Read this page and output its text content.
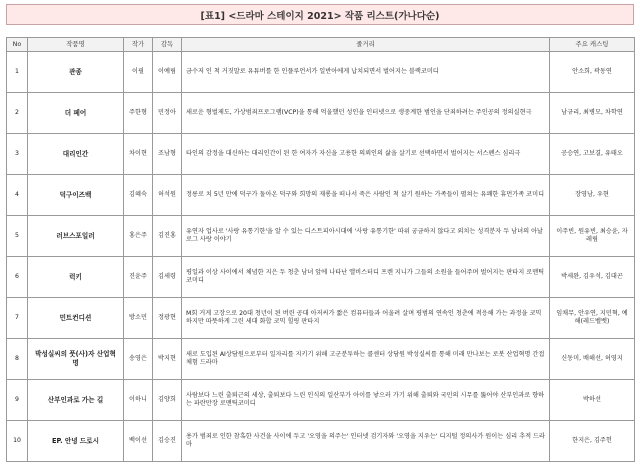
[표1] <드라마 스테이지 2021> 작품 리스트(가나다순)
No	작품명	작가	감독	줄거리	주요 캐스팅
1	관종	이필	이예림	금수저 인 척 거짓말로 유튜버를 한 인플루언서가 일반아에게 납치되면서 벌어지는 블랙코미디	안소희, 곽동연
2	더 페어	주한형	민정아	새로운 형벌제도, 가상범죄프로그램(VCP)을 통해 억울했던 성인을 인터넷으로 생중계한 범인을 단죄하려는 주인공의 정의실현극	남규리, 최병모, 차학연
3	대리인간	차이현	조남형	타인의 감정을 대신하는 대리인간이 된 한 여자가 자신을 고용한 의뢰인의 삶을 살기로 선택하면서 벌어지는 서스펜스 심리극	공승연, 고보결, 유태오
4	덕구이즈백	김혜숙	허석원	정릉로 치 5년 만에 덕구가 돌아온 덕구와 희망의 재롱을 떠나서 죽은 사람인 척 살기 원하는 가족들이 펼쳐는 유쾌한 휴먼가족 코미디	장영남, 우현
5	러브스포일러	홍은주	김진홍	유연자 업사로 '사랑 유통기한'을 알 수 있는 디스트피아시대에 '사랑 유통기한' 따위 궁금하지 않다고 외치는 성격분자 두 남녀의 아날로그 사랑 이야기	이주빈, 원유빈, 최승윤, 자레림
6	럭키	진윤주	김세령	평일과 이상 사이에서 체념한 지은 두 청춘 남녀 앞에 나타난 앨비스터디 프렌 지니가 그들의 소원을 들어주며 벌어지는 판타지 로맨틱 코미디	박세완, 김우석, 김대곤
7	민트컨디션	방소민	정광현	M회 거게 고장으로 20대 청년이 된 버린 공대 아저씨가 짧은 컴퓨터들과 어울려 살며 평범의 연속인 청춘에 적응해 가는 과정을 코믹하지만 따뜻하게 그린 세대 화합 코믹 힐링 판타지	임채무, 안우연, 지민혁, 예해(레드벨벳)
8	박성실씨의 풋(사)자 산업혁명	송영은	박지현	새로 도입된 AI상담원으로부터 일자리를 지키기 위해 고군분투하는 콜센터 상담원 박성실씨를 통해 미래 만나보는 로봇 산업혁명 간접체험 드라마	신동미, 배해선, 허영지
9	산부인과로 가는 길	이하니	김양희	사람보다 느린 출퇴근의 세상, 출퇴보다 느린 인식의 일산부가 아이를 낳으러 가기 위해 출퇴와 국민의 시무를 뚫어야 산부인과로 향하는 파란만장 로맨틱코미디	박하선
10	EP. 안녕 드로시	백이선	김승진	용가 범죄로 인한 참혹한 사건을 사이에 두고 '오영을 의주는' 인터넷 검기자와 '오영을 지우는' 디지털 정의사가 원이는 심리 추적 드라마	한지은, 김주헌
